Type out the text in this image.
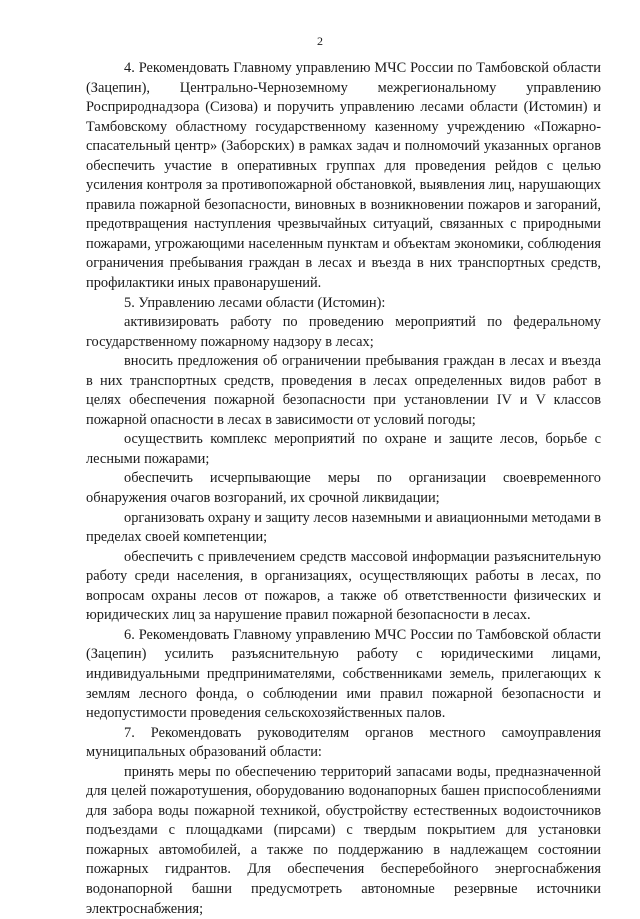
2

4. Рекомендовать Главному управлению МЧС России по Тамбовской области (Зацепин), Центрально-Черноземному межрегиональному управлению Росприроднадзора (Сизова) и поручить управлению лесами области (Истомин) и Тамбовскому областному государственному казенному учреждению «Пожарно-спасательный центр» (Заборских) в рамках задач и полномочий указанных органов обеспечить участие в оперативных группах для проведения рейдов с целью усиления контроля за противопожарной обстановкой, выявления лиц, нарушающих правила пожарной безопасности, виновных в возникновении пожаров и загораний, предотвращения наступления чрезвычайных ситуаций, связанных с природными пожарами, угрожающими населенным пунктам и объектам экономики, соблюдения ограничения пребывания граждан в лесах и въезда в них транспортных средств, профилактики иных правонарушений.

5. Управлению лесами области (Истомин):

активизировать работу по проведению мероприятий по федеральному государственному пожарному надзору в лесах;

вносить предложения об ограничении пребывания граждан в лесах и въезда в них транспортных средств, проведения в лесах определенных видов работ в целях обеспечения пожарной безопасности при установлении IV и V классов пожарной опасности в лесах в зависимости от условий погоды;

осуществить комплекс мероприятий по охране и защите лесов, борьбе с лесными пожарами;

обеспечить исчерпывающие меры по организации своевременного обнаружения очагов возгораний, их срочной ликвидации;

организовать охрану и защиту лесов наземными и авиационными методами в пределах своей компетенции;

обеспечить с привлечением средств массовой информации разъяснительную работу среди населения, в организациях, осуществляющих работы в лесах, по вопросам охраны лесов от пожаров, а также об ответственности физических и юридических лиц за нарушение правил пожарной безопасности в лесах.

6. Рекомендовать Главному управлению МЧС России по Тамбовской области (Зацепин) усилить разъяснительную работу с юридическими лицами, индивидуальными предпринимателями, собственниками земель, прилегающих к землям лесного фонда, о соблюдении ими правил пожарной безопасности и недопустимости проведения сельскохозяйственных палов.

7. Рекомендовать руководителям органов местного самоуправления муниципальных образований области:

принять меры по обеспечению территорий запасами воды, предназначенной для целей пожаротушения, оборудованию водонапорных башен приспособлениями для забора воды пожарной техникой, обустройству естественных водоисточников подъездами с площадками (пирсами) с твердым покрытием для установки пожарных автомобилей, а также по поддержанию в надлежащем состоянии пожарных гидрантов. Для обеспечения бесперебойного энергоснабжения водонапорной башни предусмотреть автономные резервные источники электроснабжения;
